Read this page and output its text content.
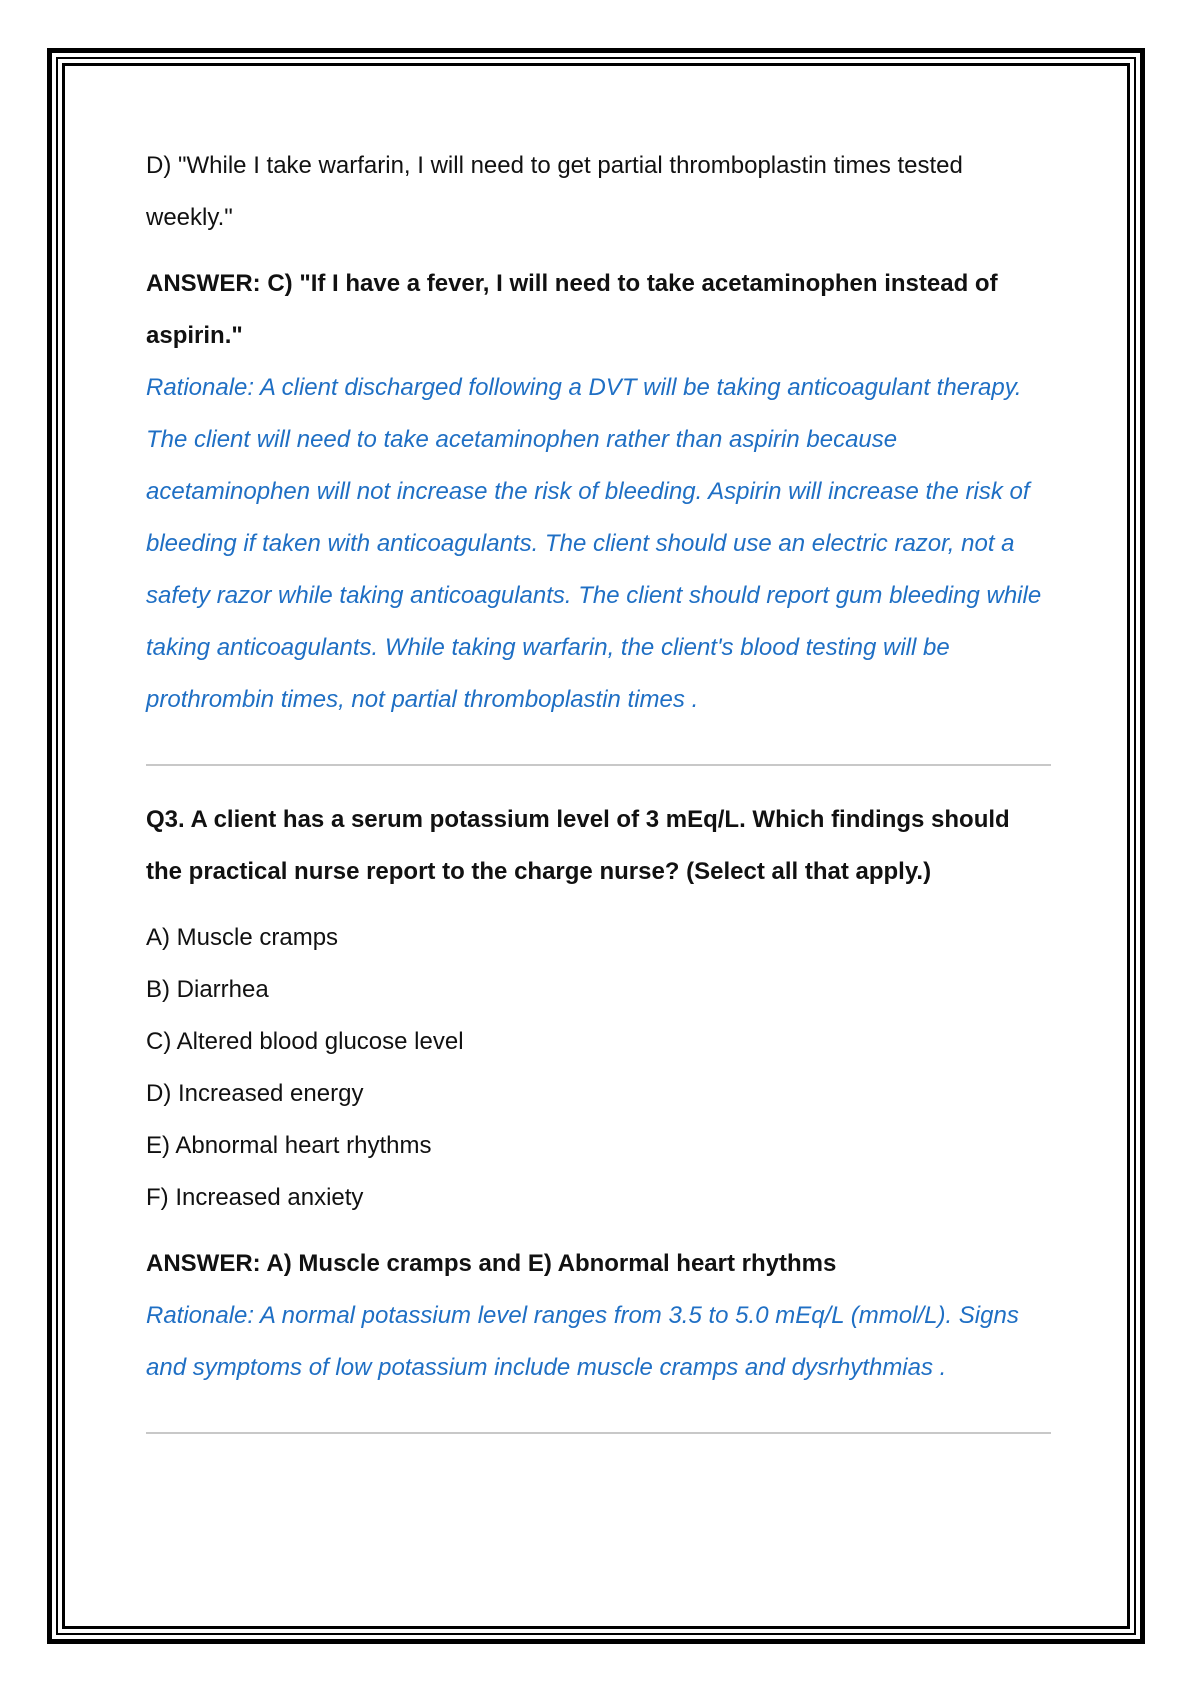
D) "While I take warfarin, I will need to get partial thromboplastin times tested weekly."

ANSWER: C) "If I have a fever, I will need to take acetaminophen instead of aspirin."

Rationale: A client discharged following a DVT will be taking anticoagulant therapy. The client will need to take acetaminophen rather than aspirin because acetaminophen will not increase the risk of bleeding. Aspirin will increase the risk of bleeding if taken with anticoagulants. The client should use an electric razor, not a safety razor while taking anticoagulants. The client should report gum bleeding while taking anticoagulants. While taking warfarin, the client's blood testing will be prothrombin times, not partial thromboplastin times .

Q3. A client has a serum potassium level of 3 mEq/L. Which findings should the practical nurse report to the charge nurse? (Select all that apply.)

A) Muscle cramps

B) Diarrhea

C) Altered blood glucose level

D) Increased energy

E) Abnormal heart rhythms

F) Increased anxiety

ANSWER: A) Muscle cramps and E) Abnormal heart rhythms

Rationale: A normal potassium level ranges from 3.5 to 5.0 mEq/L (mmol/L). Signs and symptoms of low potassium include muscle cramps and dysrhythmias .
